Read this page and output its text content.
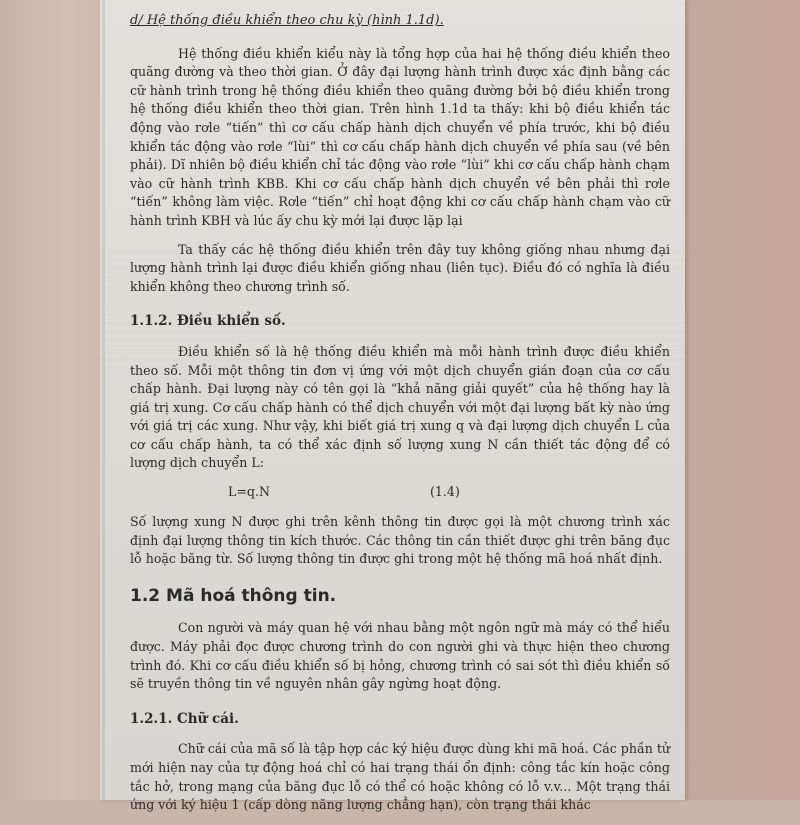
d/ Hệ thống điều khiển theo chu kỳ (hình 1.1d).

Hệ thống điều khiển kiểu này là tổng hợp của hai hệ thống điều khiển theo quãng đường và theo thời gian. Ở đây đại lượng hành trình được xác định bằng các cữ hành trình trong hệ thống điều khiển theo quãng đường bởi bộ điều khiển trong hệ thống điều khiển theo thời gian. Trên hình 1.1d ta thấy: khi bộ điều khiển tác động vào rơle “tiến” thì cơ cấu chấp hành dịch chuyển về phía trước, khi bộ điều khiển tác động vào rơle “lùi” thì cơ cấu chấp hành dịch chuyển về phía sau (về bên phải). Dĩ nhiên bộ điều khiển chỉ tác động vào rơle “lùi” khi cơ cấu chấp hành chạm vào cữ hành trình KBB. Khi cơ cấu chấp hành dịch chuyển về bên phải thì rơle “tiến” không làm việc. Rơle “tiến” chỉ hoạt động khi cơ cấu chấp hành chạm vào cữ hành trình KBH và lúc ấy chu kỳ mới lại được lặp lại

Ta thấy các hệ thống điều khiển trên đây tuy không giống nhau nhưng đại lượng hành trình lại được điều khiển giống nhau (liên tục). Điều đó có nghĩa là điều khiển không theo chương trình số.

1.1.2. Điều khiển số.

Điều khiển số là hệ thống điều khiển mà mỗi hành trình được điều khiển theo số. Mỗi một thông tin đơn vị ứng với một dịch chuyển gián đoạn của cơ cấu chấp hành. Đại lượng này có tên gọi là “khả năng giải quyết” của hệ thống hay là giá trị xung. Cơ cấu chấp hành có thể dịch chuyển với một đại lượng bất kỳ nào ứng với giá trị các xung. Như vậy, khi biết giá trị xung q và đại lượng dịch chuyển L của cơ cấu chấp hành, ta có thể xác định số lượng xung N cần thiết tác động để có lượng dịch chuyển L:

L=q.N	(1.4)

Số lượng xung N được ghi trên kênh thông tin được gọi là một chương trình xác định đại lượng thông tin kích thước. Các thông tin cần thiết được ghi trên băng đục lỗ hoặc băng từ. Số lượng thông tin được ghi trong một hệ thống mã hoá nhất định.

1.2 Mã hoá thông tin.

Con người và máy quan hệ với nhau bằng một ngôn ngữ mà máy có thể hiểu được. Máy phải đọc được chương trình do con người ghi và thực hiện theo chương trình đó. Khi cơ cấu điều khiển số bị hỏng, chương trình có sai sót thì điều khiển số sẽ truyền thông tin về nguyên nhân gây ngừng hoạt động.

1.2.1. Chữ cái.

Chữ cái của mã số là tập hợp các ký hiệu được dùng khi mã hoá. Các phần tử mới hiện nay của tự động hoá chỉ có hai trạng thái ổn định: công tắc kín hoặc công tắc hở, trong mạng của băng đục lỗ có thể có hoặc không có lỗ v.v... Một trạng thái ứng với ký hiệu 1 (cấp dòng năng lượng chẳng hạn), còn trạng thái khác
